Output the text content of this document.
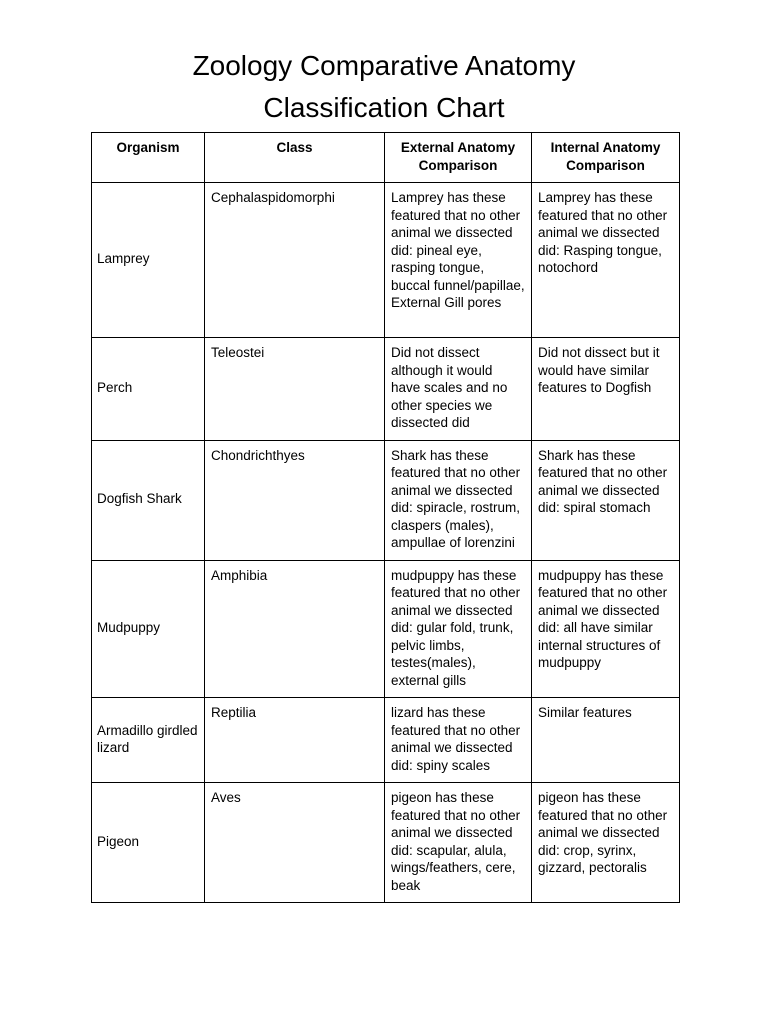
Zoology Comparative Anatomy
Classification Chart
Organism	Class	External Anatomy Comparison	Internal Anatomy Comparison
Lamprey	Cephalaspidomorphi	Lamprey has these featured that no other animal we dissected did: pineal eye, rasping tongue, buccal funnel/papillae, External Gill pores	Lamprey has these featured that no other animal we dissected did: Rasping tongue, notochord
Perch	Teleostei	Did not dissect although it would have scales and no other species we dissected did	Did not dissect but it would have similar features to Dogfish
Dogfish Shark	Chondrichthyes	Shark has these featured that no other animal we dissected did: spiracle, rostrum, claspers (males), ampullae of lorenzini	Shark has these featured that no other animal we dissected did: spiral stomach
Mudpuppy	Amphibia	mudpuppy has these featured that no other animal we dissected did: gular fold, trunk, pelvic limbs, testes(males), external gills	mudpuppy has these featured that no other animal we dissected did: all have similar internal structures of mudpuppy
Armadillo girdled lizard	Reptilia	lizard has these featured that no other animal we dissected did: spiny scales	Similar features
Pigeon	Aves	pigeon has these featured that no other animal we dissected did: scapular, alula, wings/feathers, cere, beak	pigeon has these featured that no other animal we dissected did: crop, syrinx, gizzard, pectoralis
